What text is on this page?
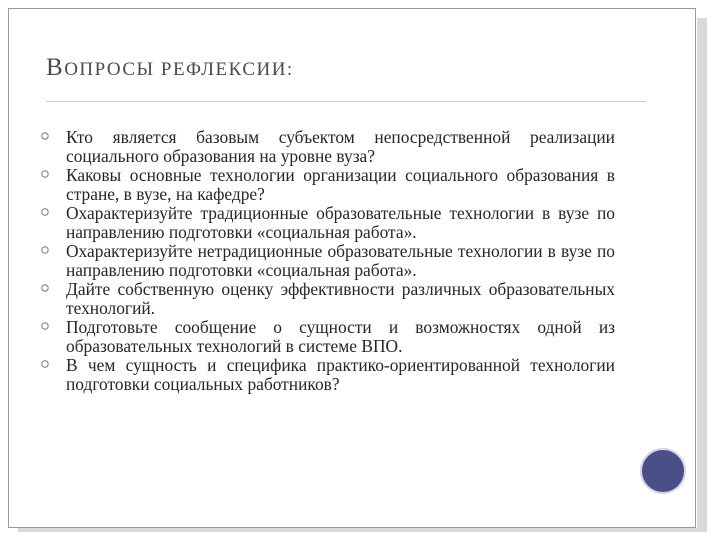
ВОПРОСЫ РЕФЛЕКСИИ:
Кто является базовым субъектом непосредственной реализации социального образования на уровне вуза?
Каковы основные технологии организации социального образования в стране, в вузе, на кафедре?
Охарактеризуйте традиционные образовательные технологии в вузе по направлению подготовки «социальная работа».
Охарактеризуйте нетрадиционные образовательные технологии в вузе по направлению подготовки «социальная работа».
Дайте собственную оценку эффективности различных образовательных технологий.
Подготовьте сообщение о сущности и возможностях одной из образовательных технологий в системе ВПО.
В чем сущность и специфика практико-ориентированной технологии подготовки социальных работников?
